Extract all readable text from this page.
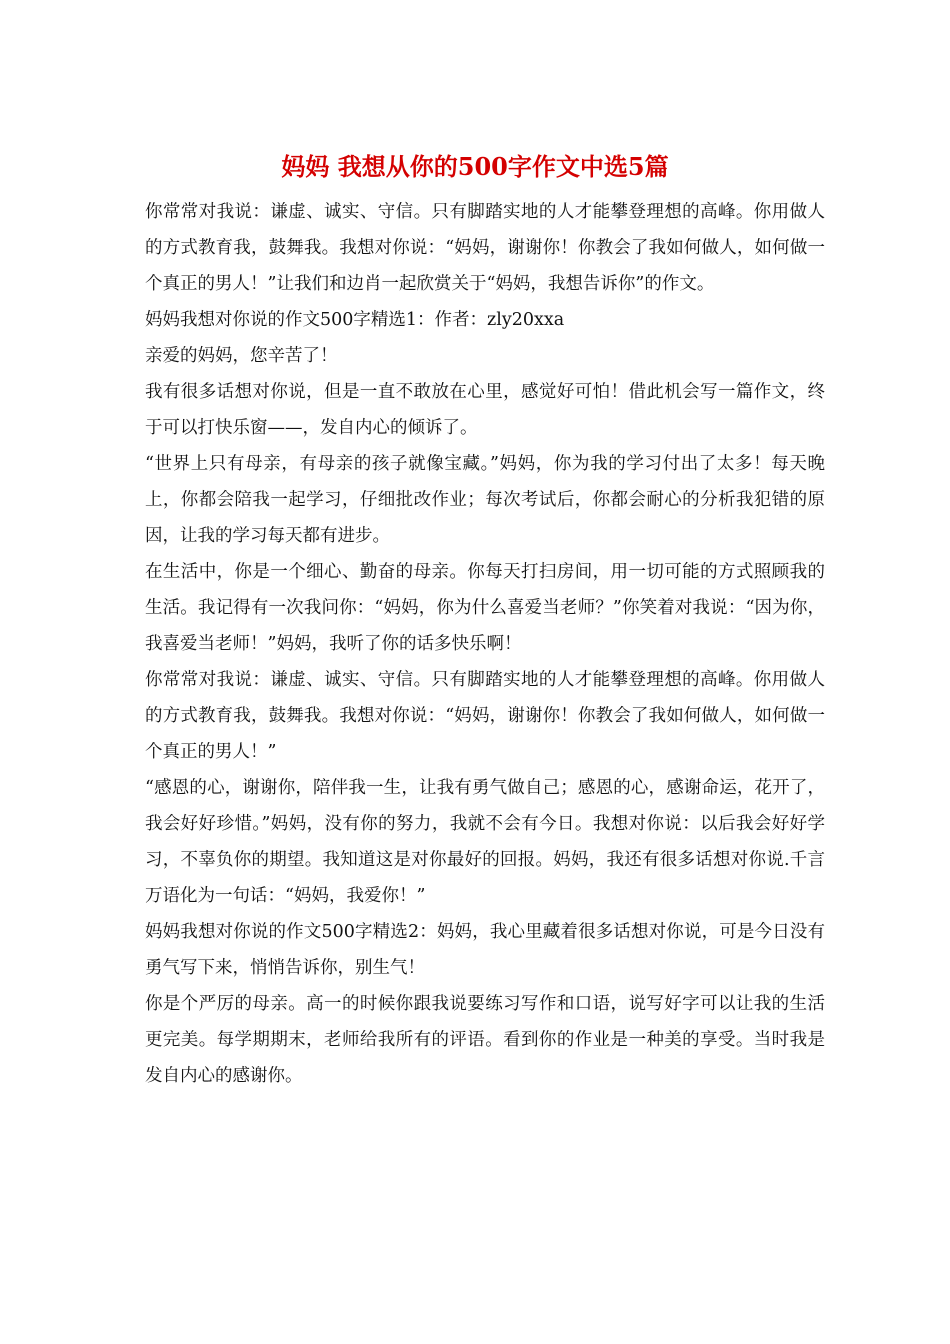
妈妈 我想从你的500字作文中选5篇

你常常对我说：谦虚、诚实、守信。只有脚踏实地的人才能攀登理想的高峰。你用做人的方式教育我，鼓舞我。我想对你说：“妈妈，谢谢你！你教会了我如何做人，如何做一个真正的男人！”让我们和边肖一起欣赏关于“妈妈，我想告诉你”的作文。

妈妈我想对你说的作文500字精选1：作者：zly20xxa

亲爱的妈妈，您辛苦了！

我有很多话想对你说，但是一直不敢放在心里，感觉好可怕！借此机会写一篇作文，终于可以打快乐窗——，发自内心的倾诉了。

“世界上只有母亲，有母亲的孩子就像宝藏。”妈妈，你为我的学习付出了太多！每天晚上，你都会陪我一起学习，仔细批改作业；每次考试后，你都会耐心的分析我犯错的原因，让我的学习每天都有进步。

在生活中，你是一个细心、勤奋的母亲。你每天打扫房间，用一切可能的方式照顾我的生活。我记得有一次我问你：“妈妈，你为什么喜爱当老师？”你笑着对我说：“因为你，我喜爱当老师！”妈妈，我听了你的话多快乐啊！

你常常对我说：谦虚、诚实、守信。只有脚踏实地的人才能攀登理想的高峰。你用做人的方式教育我，鼓舞我。我想对你说：“妈妈，谢谢你！你教会了我如何做人，如何做一个真正的男人！”

“感恩的心，谢谢你，陪伴我一生，让我有勇气做自己；感恩的心，感谢命运，花开了，我会好好珍惜。”妈妈，没有你的努力，我就不会有今日。我想对你说：以后我会好好学习，不辜负你的期望。我知道这是对你最好的回报。妈妈，我还有很多话想对你说.千言万语化为一句话：“妈妈，我爱你！”

妈妈我想对你说的作文500字精选2：妈妈，我心里藏着很多话想对你说，可是今日没有勇气写下来，悄悄告诉你，别生气！

你是个严厉的母亲。高一的时候你跟我说要练习写作和口语，说写好字可以让我的生活更完美。每学期期末，老师给我所有的评语。看到你的作业是一种美的享受。当时我是发自内心的感谢你。
